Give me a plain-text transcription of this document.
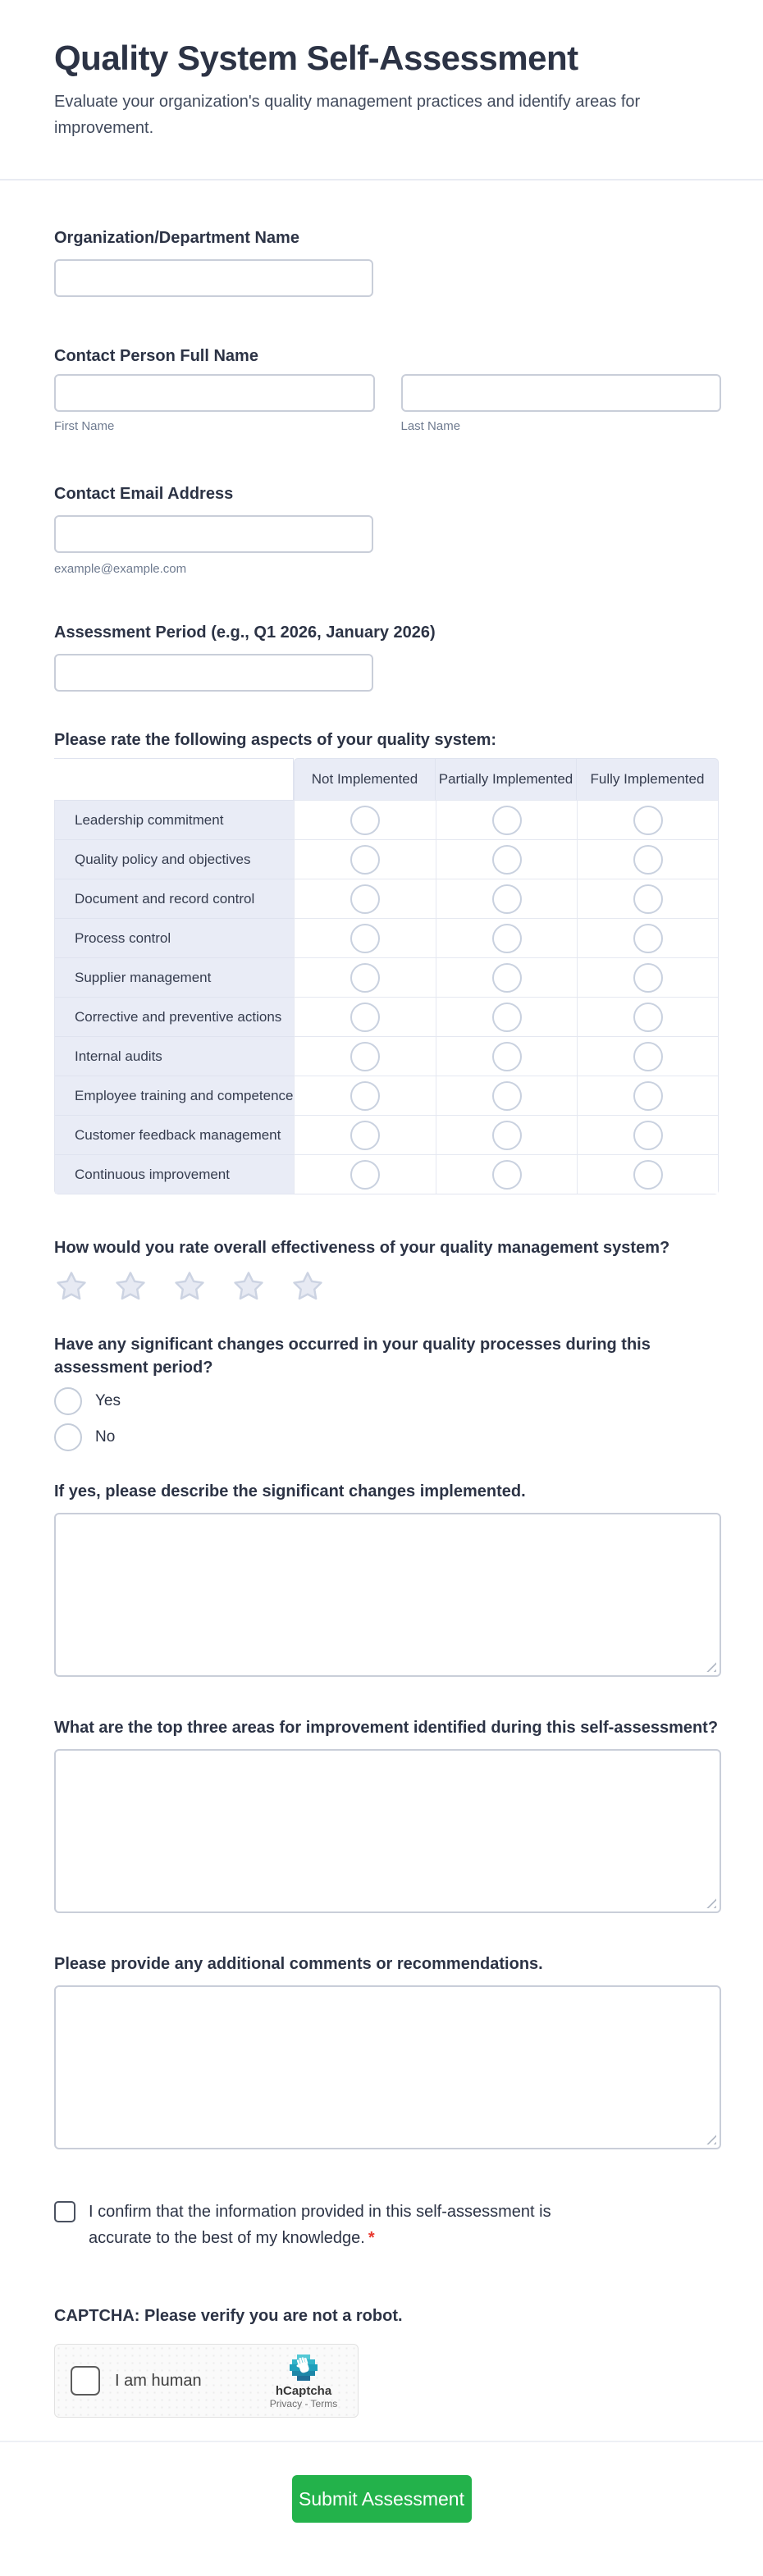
Quality System Self-Assessment
Evaluate your organization's quality management practices and identify areas for improvement.
Organization/Department Name
Contact Person Full Name
First Name	Last Name
Contact Email Address
example@example.com
Assessment Period (e.g., Q1 2026, January 2026)
Please rate the following aspects of your quality system:
Not Implemented	Partially Implemented	Fully Implemented
Leadership commitment
Quality policy and objectives
Document and record control
Process control
Supplier management
Corrective and preventive actions
Internal audits
Employee training and competence
Customer feedback management
Continuous improvement
How would you rate overall effectiveness of your quality management system?
Have any significant changes occurred in your quality processes during this assessment period?
Yes
No
If yes, please describe the significant changes implemented.
What are the top three areas for improvement identified during this self-assessment?
Please provide any additional comments or recommendations.
I confirm that the information provided in this self-assessment is accurate to the best of my knowledge. *
CAPTCHA: Please verify you are not a robot.
I am human
hCaptcha
Privacy - Terms
Submit Assessment
